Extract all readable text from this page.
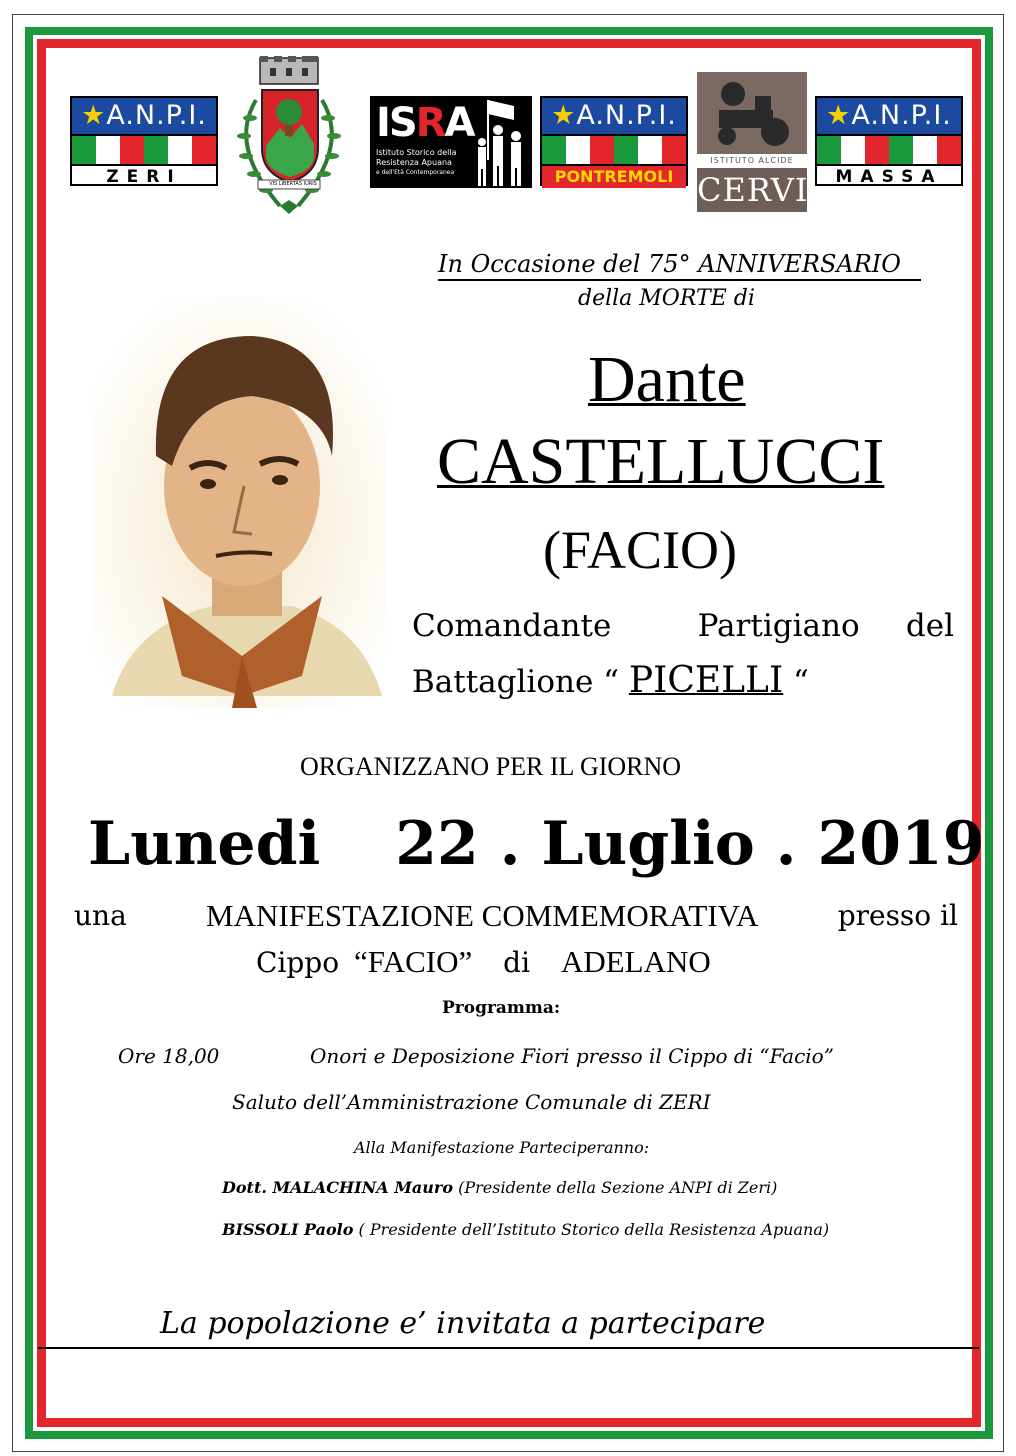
★A.N.P.I.
ZERI	VIS LIBERTAS IURIS
ISRA
Istituto Storico della
Resistenza Apuana
e dell'Età Contemporanea
★A.N.P.I.
PONTREMOLI
ISTITUTO ALCIDE
CERVI
★A.N.P.I.
MASSA
In Occasione del 75° ANNIVERSARIO
della MORTE di
Dante
CASTELLUCCI
(FACIO)
Comandante	Partigiano del
Battaglione “ PICELLI “
ORGANIZZANO PER IL GIORNO
Lunedi 22 . Luglio . 2019
una	MANIFESTAZIONE COMMEMORATIVA	presso il
Cippo “FACIO” di ADELANO
Programma:
Ore 18,00	Onori e Deposizione Fiori presso il Cippo di “Facio”
Saluto dell’Amministrazione Comunale di ZERI
Alla Manifestazione Parteciperanno:
Dott. MALACHINA Mauro (Presidente della Sezione ANPI di Zeri)
BISSOLI Paolo ( Presidente dell’Istituto Storico della Resistenza Apuana)
La popolazione e’ invitata a partecipare
